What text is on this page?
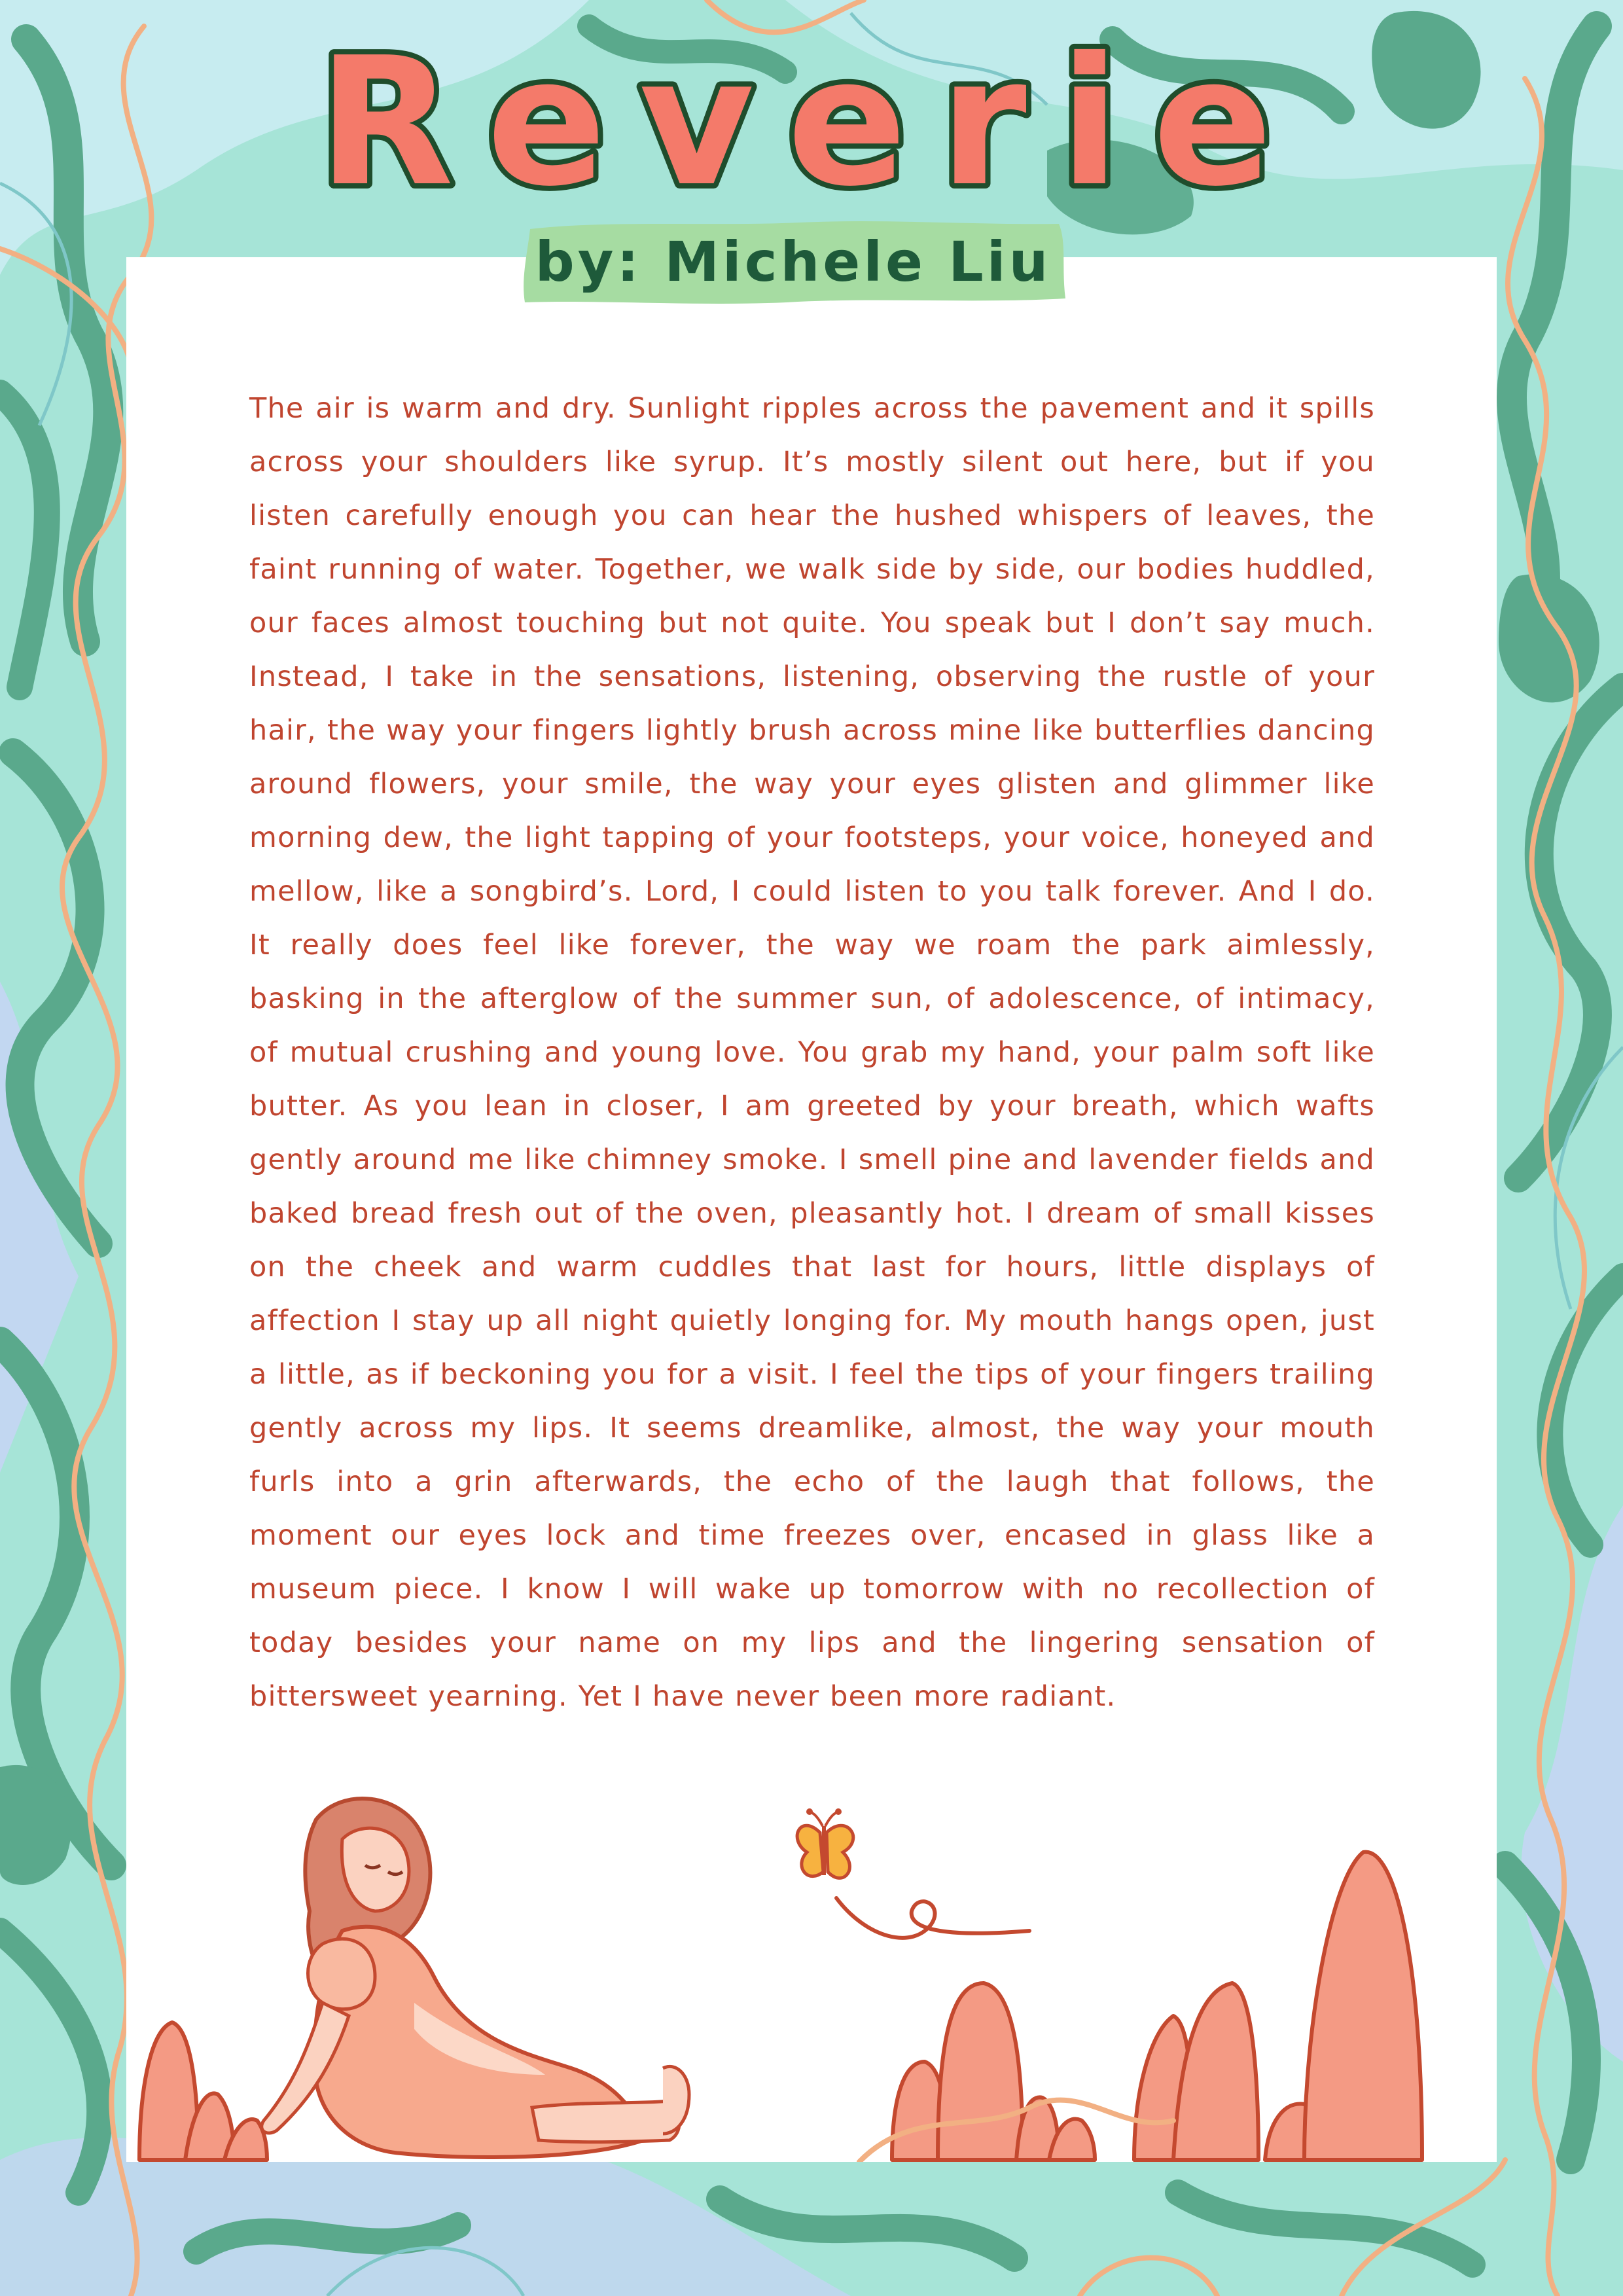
Reverie
by: Michele Liu

The air is warm and dry. Sunlight ripples across the pavement and it spills across your shoulders like syrup. It’s mostly silent out here, but if you listen carefully enough you can hear the hushed whispers of leaves, the faint running of water. Together, we walk side by side, our bodies huddled, our faces almost touching but not quite. You speak but I don’t say much. Instead, I take in the sensations, listening, observing the rustle of your hair, the way your fingers lightly brush across mine like butterflies dancing around flowers, your smile, the way your eyes glisten and glimmer like morning dew, the light tapping of your footsteps, your voice, honeyed and mellow, like a songbird’s. Lord, I could listen to you talk forever. And I do. It really does feel like forever, the way we roam the park aimlessly, basking in the afterglow of the summer sun, of adolescence, of intimacy, of mutual crushing and young love. You grab my hand, your palm soft like butter. As you lean in closer, I am greeted by your breath, which wafts gently around me like chimney smoke. I smell pine and lavender fields and baked bread fresh out of the oven, pleasantly hot. I dream of small kisses on the cheek and warm cuddles that last for hours, little displays of affection I stay up all night quietly longing for. My mouth hangs open, just a little, as if beckoning you for a visit. I feel the tips of your fingers trailing gently across my lips. It seems dreamlike, almost, the way your mouth furls into a grin afterwards, the echo of the laugh that follows, the moment our eyes lock and time freezes over, encased in glass like a museum piece. I know I will wake up tomorrow with no recollection of today besides your name on my lips and the lingering sensation of bittersweet yearning. Yet I have never been more radiant.
